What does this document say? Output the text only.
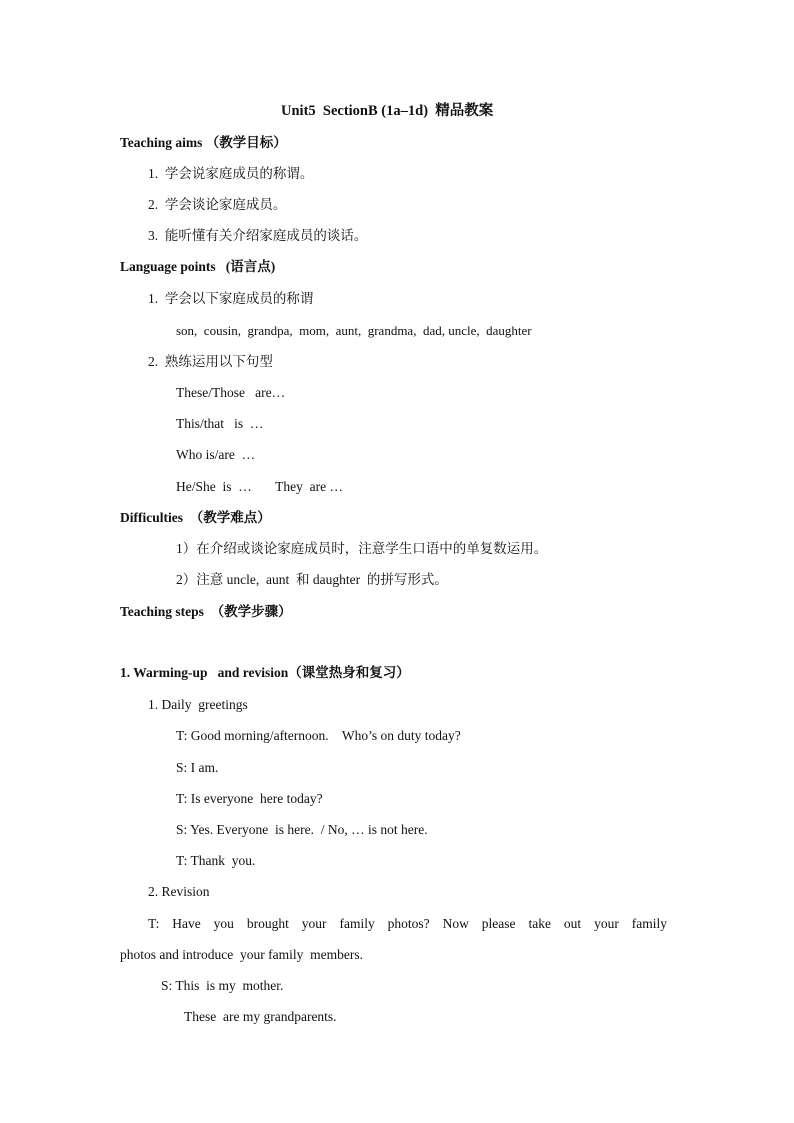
Unit5  SectionB (1a–1d)  精品教案
Teaching aims （教学目标）
1.  学会说家庭成员的称谓。
2.  学会谈论家庭成员。
3.  能听懂有关介绍家庭成员的谈话。
Language points   (语言点)
1.  学会以下家庭成员的称谓
son,  cousin,  grandpa,  mom,  aunt,  grandma,  dad, uncle,  daughter
2.  熟练运用以下句型
These/Those   are…
This/that   is  …
Who is/are  …
He/She  is  …       They  are …
Difficulties  （教学难点）
1）在介绍或谈论家庭成员时，注意学生口语中的单复数运用。
2）注意 uncle,  aunt  和 daughter  的拼写形式。
Teaching steps  （教学步骤）
1. Warming-up   and revision（课堂热身和复习）
1. Daily  greetings
T: Good morning/afternoon.    Who’s on duty today?
S: I am.
T: Is everyone  here today?
S: Yes. Everyone  is here.  / No, … is not here.
T: Thank  you.
2. Revision
T: Have you brought your family photos? Now please take out your family
photos and introduce  your family  members.
S: This  is my  mother.
These  are my grandparents.
